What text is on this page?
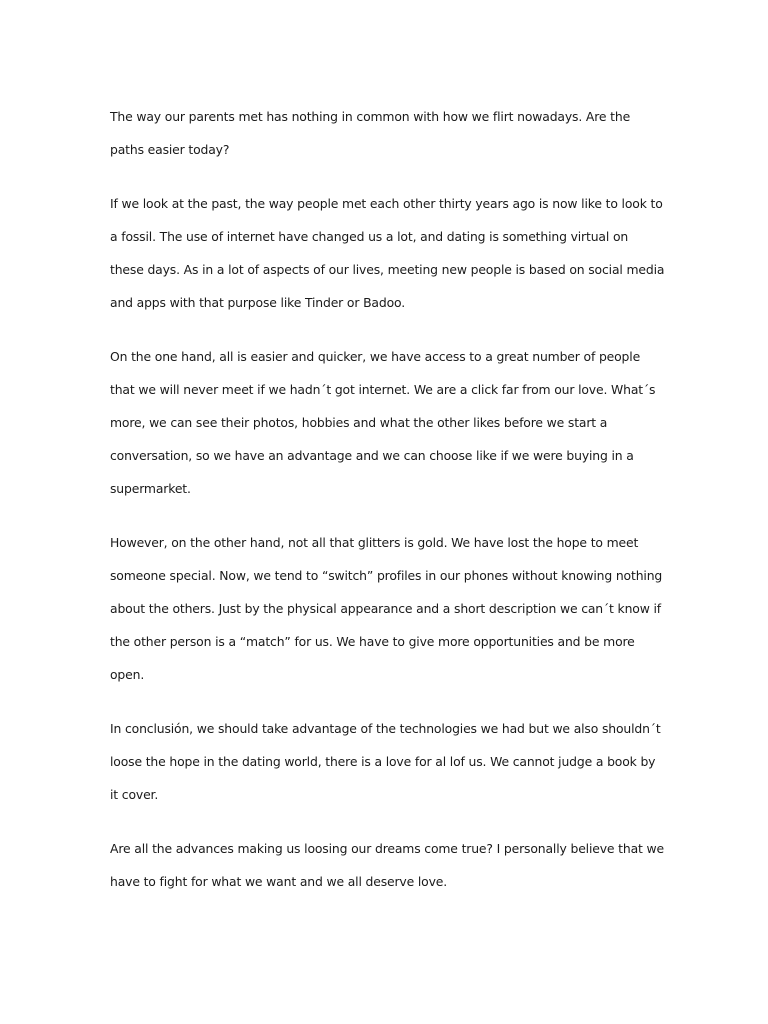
The way our parents met has nothing in common with how we flirt nowadays. Are the paths easier today?

If we look at the past, the way people met each other thirty years ago is now like to look to a fossil. The use of internet have changed us a lot, and dating is something virtual on these days. As in a lot of aspects of our lives, meeting new people is based on social media and apps with that purpose like Tinder or Badoo.

On the one hand, all is easier and quicker, we have access to a great number of people that we will never meet if we hadn´t got internet. We are a click far from our love. What´s more, we can see their photos, hobbies and what the other likes before we start a conversation, so we have an advantage and we can choose like if we were buying in a supermarket.

However, on the other hand, not all that glitters is gold. We have lost the hope to meet someone special. Now, we tend to “switch” profiles in our phones without knowing nothing about the others. Just by the physical appearance and a short description we can´t know if the other person is a “match” for us. We have to give more opportunities and be more open.

In conclusión, we should take advantage of the technologies we had but we also shouldn´t loose the hope in the dating world, there is a love for al lof us. We cannot judge a book by it cover.

Are all the advances making us loosing our dreams come true? I personally believe that we have to fight for what we want and we all deserve love.
